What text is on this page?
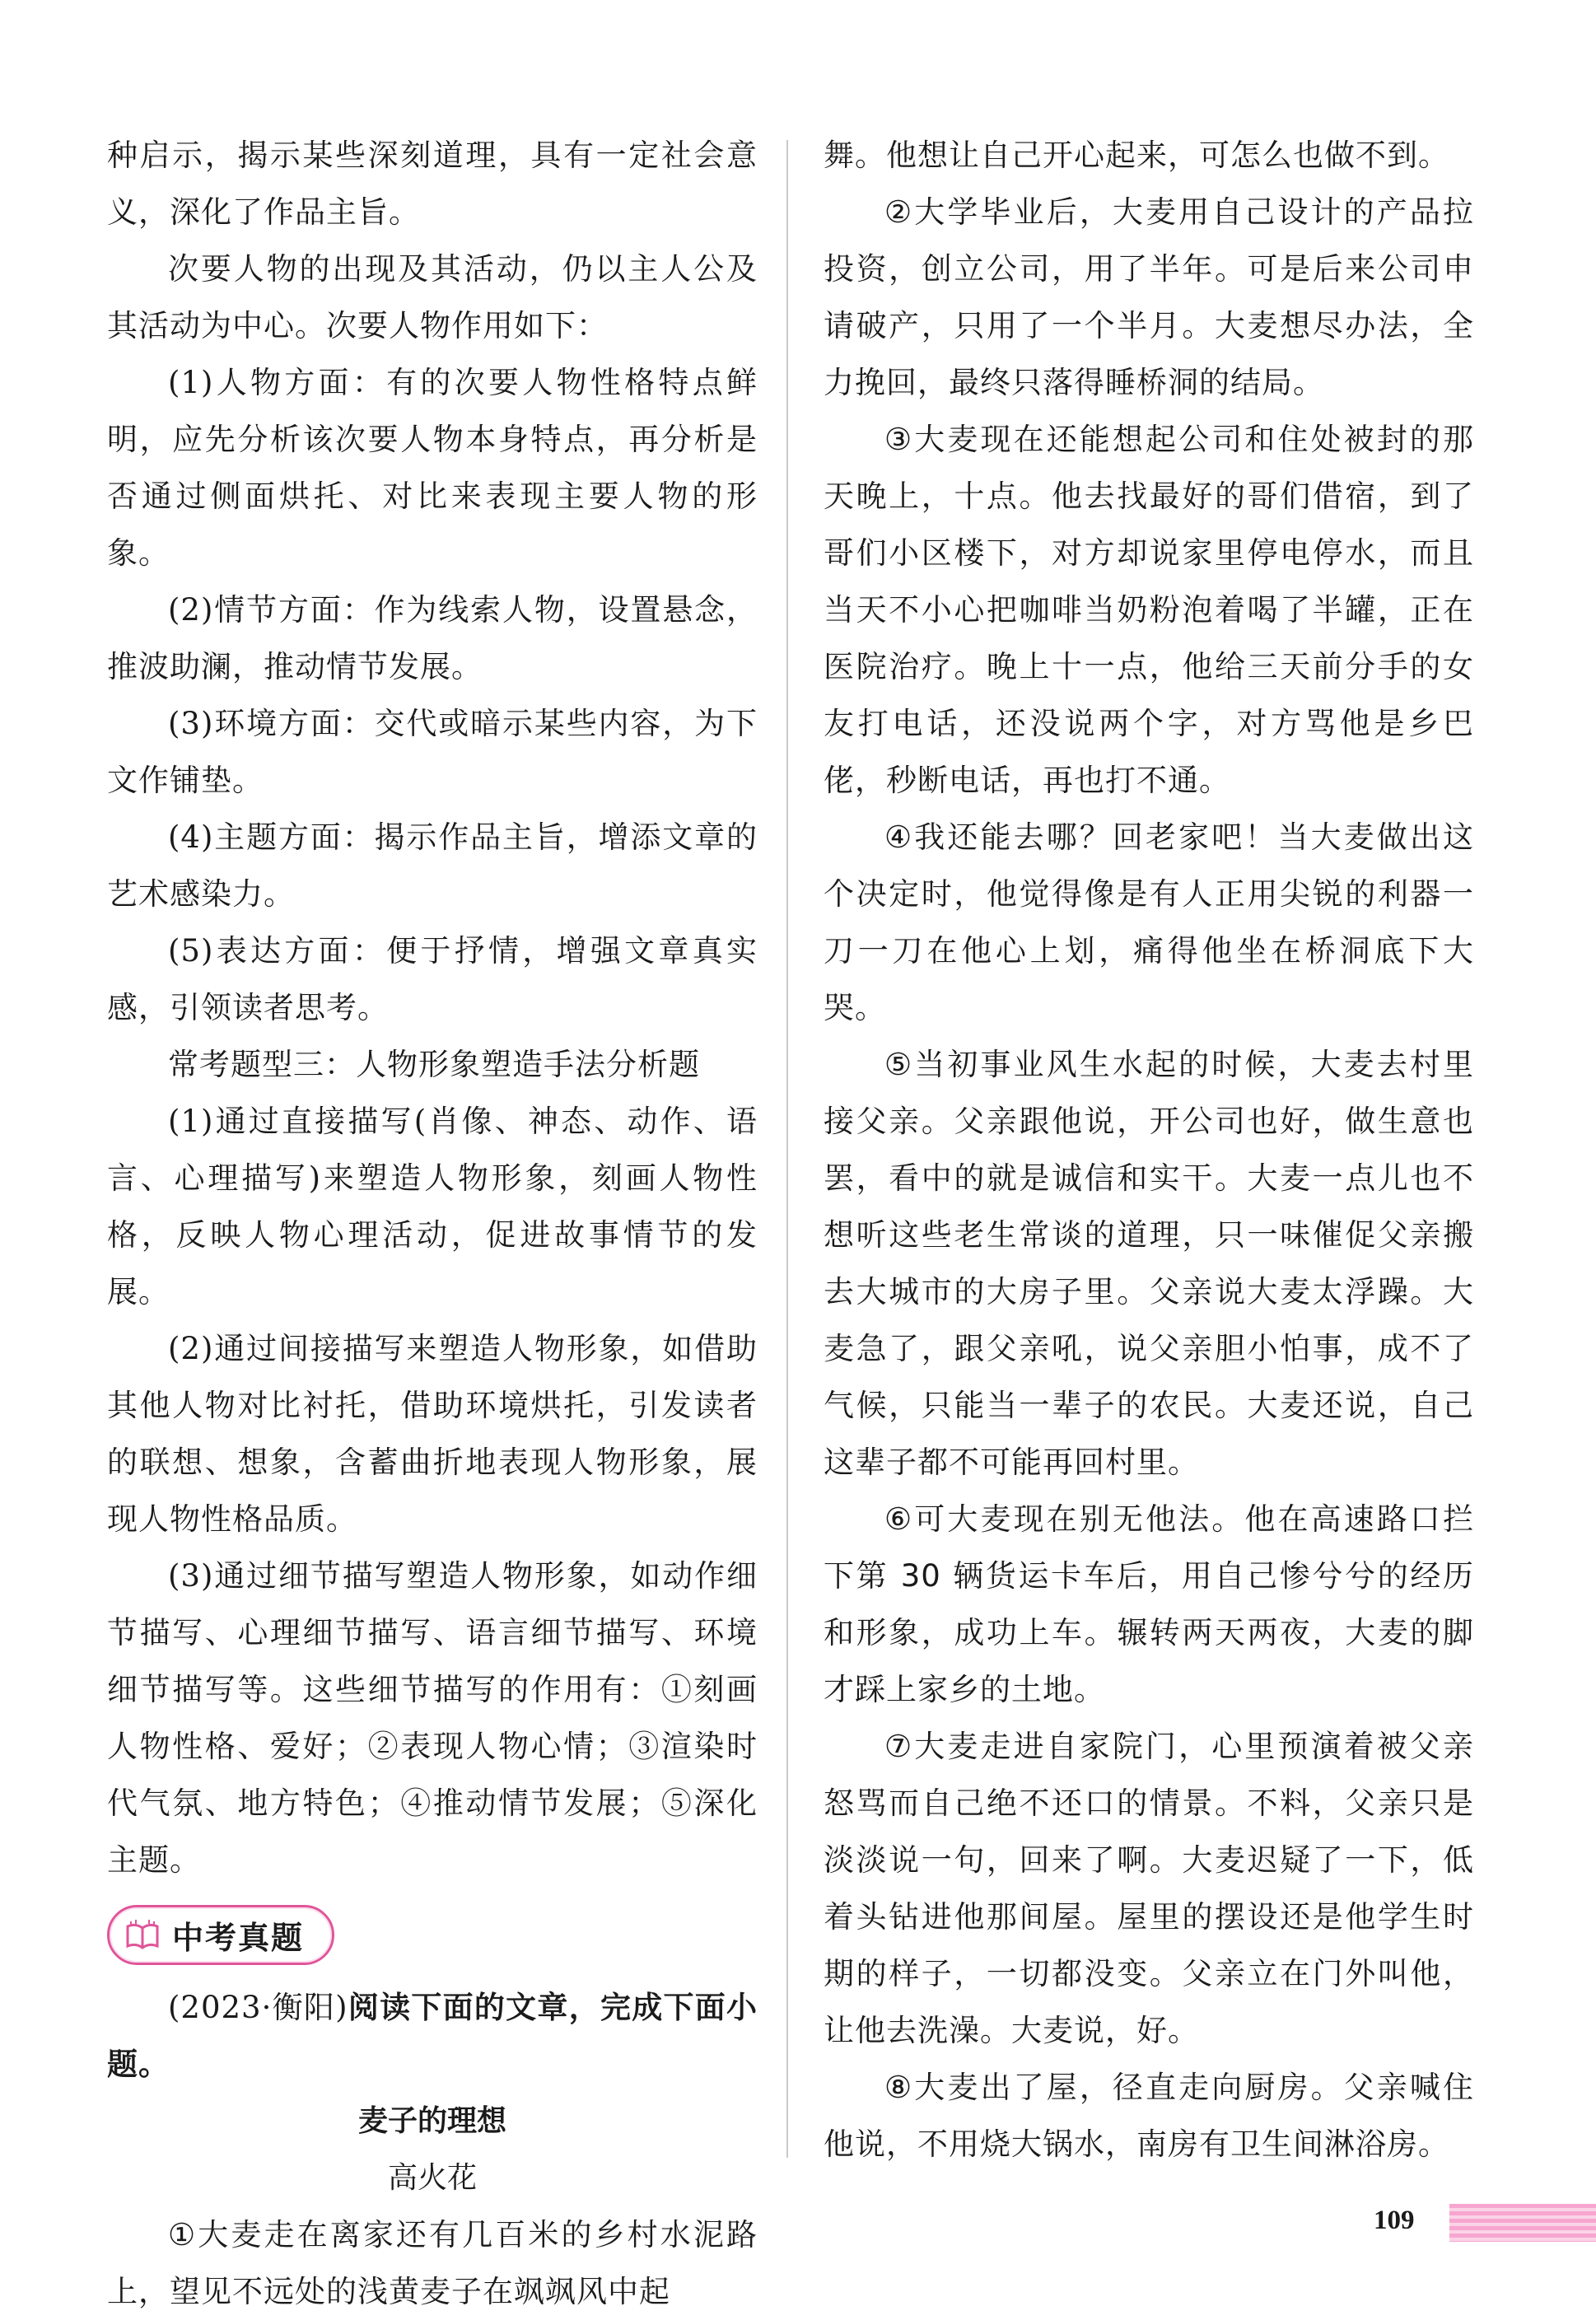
种启示，揭示某些深刻道理，具有一定社会意义，深化了作品主旨。

次要人物的出现及其活动，仍以主人公及其活动为中心。次要人物作用如下：

(1)人物方面：有的次要人物性格特点鲜明，应先分析该次要人物本身特点，再分析是否通过侧面烘托、对比来表现主要人物的形象。

(2)情节方面：作为线索人物，设置悬念，推波助澜，推动情节发展。

(3)环境方面：交代或暗示某些内容，为下文作铺垫。

(4)主题方面：揭示作品主旨，增添文章的艺术感染力。

(5)表达方面：便于抒情，增强文章真实感，引领读者思考。

常考题型三：人物形象塑造手法分析题

(1)通过直接描写(肖像、神态、动作、语言、心理描写)来塑造人物形象，刻画人物性格，反映人物心理活动，促进故事情节的发展。

(2)通过间接描写来塑造人物形象，如借助其他人物对比衬托，借助环境烘托，引发读者的联想、想象，含蓄曲折地表现人物形象，展现人物性格品质。

(3)通过细节描写塑造人物形象，如动作细节描写、心理细节描写、语言细节描写、环境细节描写等。这些细节描写的作用有：①刻画人物性格、爱好；②表现人物心情；③渲染时代气氛、地方特色；④推动情节发展；⑤深化主题。

中考真题

(2023·衡阳)阅读下面的文章，完成下面小题。

麦子的理想
高火花

①大麦走在离家还有几百米的乡村水泥路上，望见不远处的浅黄麦子在飒飒风中起

舞。他想让自己开心起来，可怎么也做不到。

②大学毕业后，大麦用自己设计的产品拉投资，创立公司，用了半年。可是后来公司申请破产，只用了一个半月。大麦想尽办法，全力挽回，最终只落得睡桥洞的结局。

③大麦现在还能想起公司和住处被封的那天晚上，十点。他去找最好的哥们借宿，到了哥们小区楼下，对方却说家里停电停水，而且当天不小心把咖啡当奶粉泡着喝了半罐，正在医院治疗。晚上十一点，他给三天前分手的女友打电话，还没说两个字，对方骂他是乡巴佬，秒断电话，再也打不通。

④我还能去哪？回老家吧！当大麦做出这个决定时，他觉得像是有人正用尖锐的利器一刀一刀在他心上划，痛得他坐在桥洞底下大哭。

⑤当初事业风生水起的时候，大麦去村里接父亲。父亲跟他说，开公司也好，做生意也罢，看中的就是诚信和实干。大麦一点儿也不想听这些老生常谈的道理，只一味催促父亲搬去大城市的大房子里。父亲说大麦太浮躁。大麦急了，跟父亲吼，说父亲胆小怕事，成不了气候，只能当一辈子的农民。大麦还说，自己这辈子都不可能再回村里。

⑥可大麦现在别无他法。他在高速路口拦下第 30 辆货运卡车后，用自己惨兮兮的经历和形象，成功上车。辗转两天两夜，大麦的脚才踩上家乡的土地。

⑦大麦走进自家院门，心里预演着被父亲怒骂而自己绝不还口的情景。不料，父亲只是淡淡说一句，回来了啊。大麦迟疑了一下，低着头钻进他那间屋。屋里的摆设还是他学生时期的样子，一切都没变。父亲立在门外叫他，让他去洗澡。大麦说，好。

⑧大麦出了屋，径直走向厨房。父亲喊住他说，不用烧大锅水，南房有卫生间淋浴房。

109
